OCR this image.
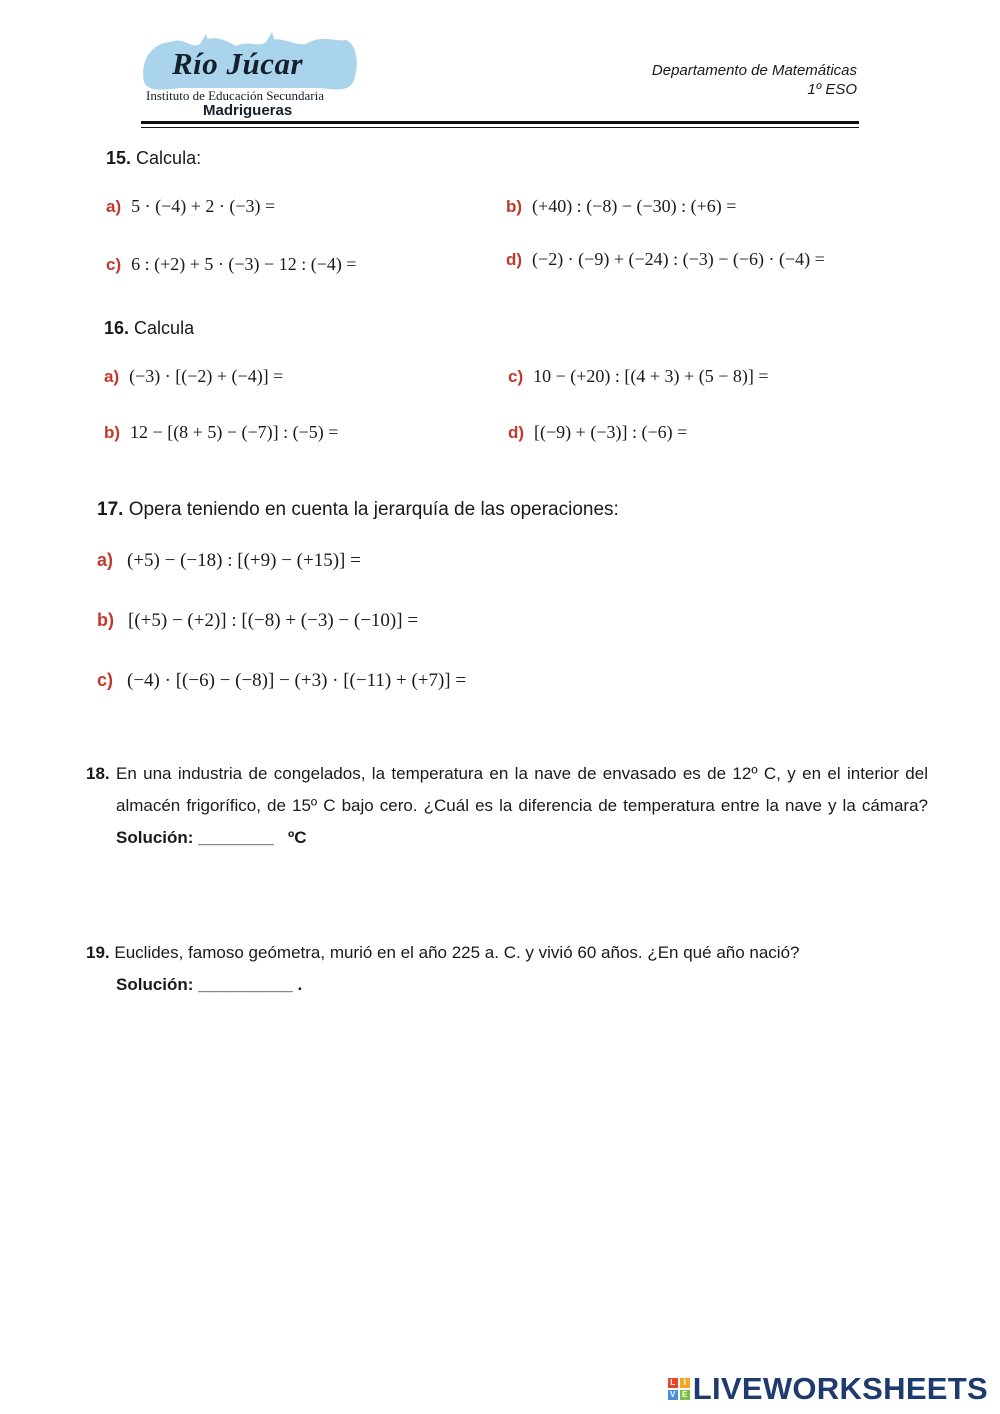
Río Júcar
Instituto de Educación Secundaria
Madrigueras
Departamento de Matemáticas
1º ESO
15. Calcula:
a) 5 · (−4) + 2 · (−3) =	b) (+40) : (−8) − (−30) : (+6) =
c) 6 : (+2) + 5 · (−3) − 12 : (−4) =	d) (−2) · (−9) + (−24) : (−3) − (−6) · (−4) =
16. Calcula
a) (−3) · [(−2) + (−4)] =	c) 10 − (+20) : [(4 + 3) + (5 − 8)] =
b) 12 − [(8 + 5) − (−7)] : (−5) =	d) [(−9) + (−3)] : (−6) =
17. Opera teniendo en cuenta la jerarquía de las operaciones:
a) (+5) − (−18) : [(+9) − (+15)] =
b) [(+5) − (+2)] : [(−8) + (−3) − (−10)] =
c) (−4) · [(−6) − (−8)] − (+3) · [(−11) + (+7)] =
18. En una industria de congelados, la temperatura en la nave de envasado es de 12º C, y en el interior del almacén frigorífico, de 15º C bajo cero. ¿Cuál es la diferencia de temperatura entre la nave y la cámara? Solución: ________ ºC
19. Euclides, famoso geómetra, murió en el año 225 a. C. y vivió 60 años. ¿En qué año nació?
Solución: __________ .
L	I
V E LIVEWORKSHEETS
